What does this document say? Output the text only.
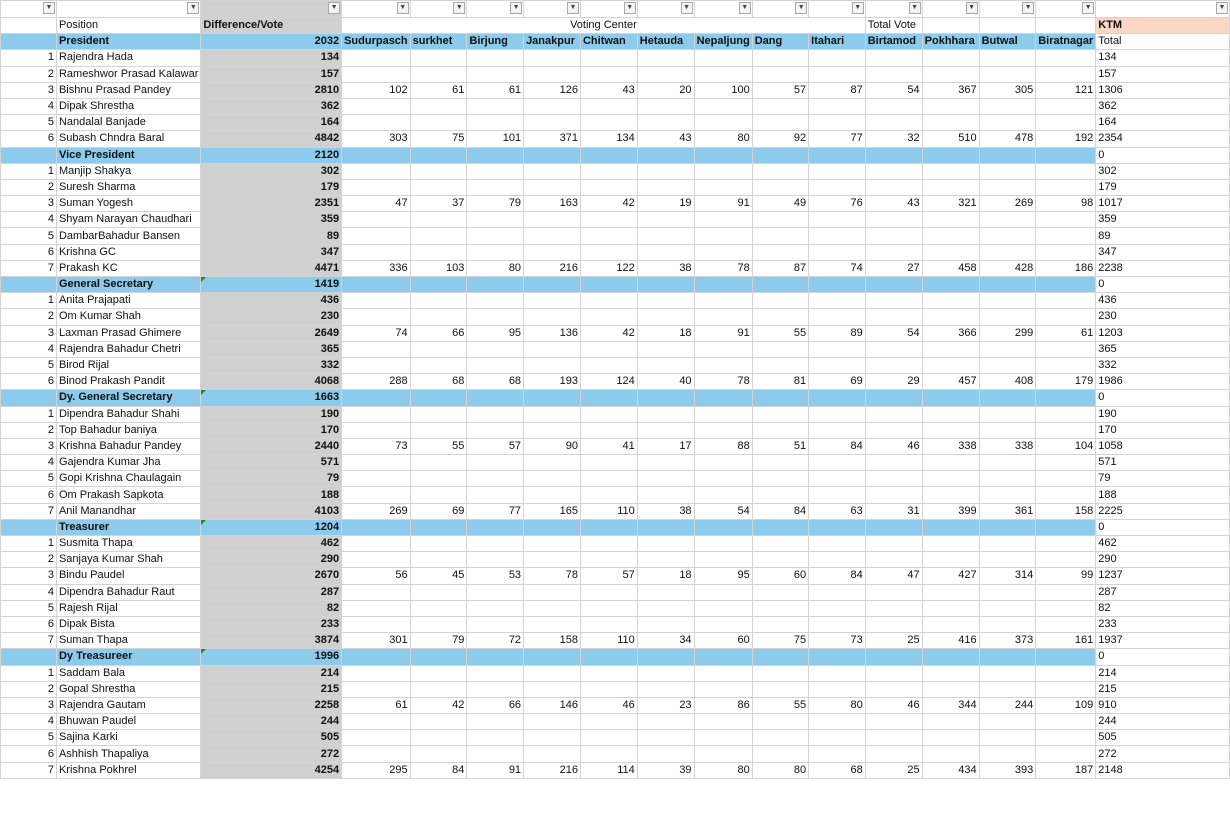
▼	▼	▼	▼	▼	▼	▼	▼	▼	▼	▼	▼	▼	▼	▼	▼	▼

	Position	Difference/Vote	Voting Center									Total Vote				KTM
	President	2032	Sudurpasch	surkhet	Birjung	Janakpur	Chitwan	Hetauda	Nepaljung	Dang	Itahari	Birtamod	Pokhhara	Butwal	Biratnagar	Total
1	Rajendra Hada	134														134
2	Rameshwor Prasad Kalawar	157														157
3	Bishnu Prasad Pandey	2810	102	61	61	126	43	20	100	57	87	54	367	305	121	1306
4	Dipak Shrestha	362														362
5	Nandalal Banjade	164														164
6	Subash Chndra Baral	4842	303	75	101	371	134	43	80	92	77	32	510	478	192	2354
	Vice President	2120														0
1	Manjip Shakya	302														302
2	Suresh Sharma	179														179
3	Suman Yogesh	2351	47	37	79	163	42	19	91	49	76	43	321	269	98	1017
4	Shyam Narayan Chaudhari	359														359
5	DambarBahadur Bansen	89														89
6	Krishna GC	347														347
7	Prakash KC	4471	336	103	80	216	122	38	78	87	74	27	458	428	186	2238
	General Secretary	1419														0
1	Anita Prajapati	436														436
2	Om Kumar Shah	230														230
3	Laxman Prasad Ghimere	2649	74	66	95	136	42	18	91	55	89	54	366	299	61	1203
4	Rajendra Bahadur Chetri	365														365
5	Birod Rijal	332														332
6	Binod Prakash Pandit	4068	288	68	68	193	124	40	78	81	69	29	457	408	179	1986
	Dy. General Secretary	1663														0
1	Dipendra Bahadur Shahi	190														190
2	Top Bahadur baniya	170														170
3	Krishna Bahadur Pandey	2440	73	55	57	90	41	17	88	51	84	46	338	338	104	1058
4	Gajendra Kumar Jha	571														571
5	Gopi Krishna Chaulagain	79														79
6	Om Prakash Sapkota	188														188
7	Anil Manandhar	4103	269	69	77	165	110	38	54	84	63	31	399	361	158	2225
	Treasurer	1204														0
1	Susmita Thapa	462														462
2	Sanjaya Kumar Shah	290														290
3	Bindu Paudel	2670	56	45	53	78	57	18	95	60	84	47	427	314	99	1237
4	Dipendra Bahadur Raut	287														287
5	Rajesh Rijal	82														82
6	Dipak Bista	233														233
7	Suman Thapa	3874	301	79	72	158	110	34	60	75	73	25	416	373	161	1937
	Dy Treasureer	1996														0
1	Saddam Bala	214														214
2	Gopal Shrestha	215														215
3	Rajendra Gautam	2258	61	42	66	146	46	23	86	55	80	46	344	244	109	910
4	Bhuwan Paudel	244														244
5	Sajina Karki	505														505
6	Ashhish Thapaliya	272														272
7	Krishna Pokhrel	4254	295	84	91	216	114	39	80	80	68	25	434	393	187	2148
